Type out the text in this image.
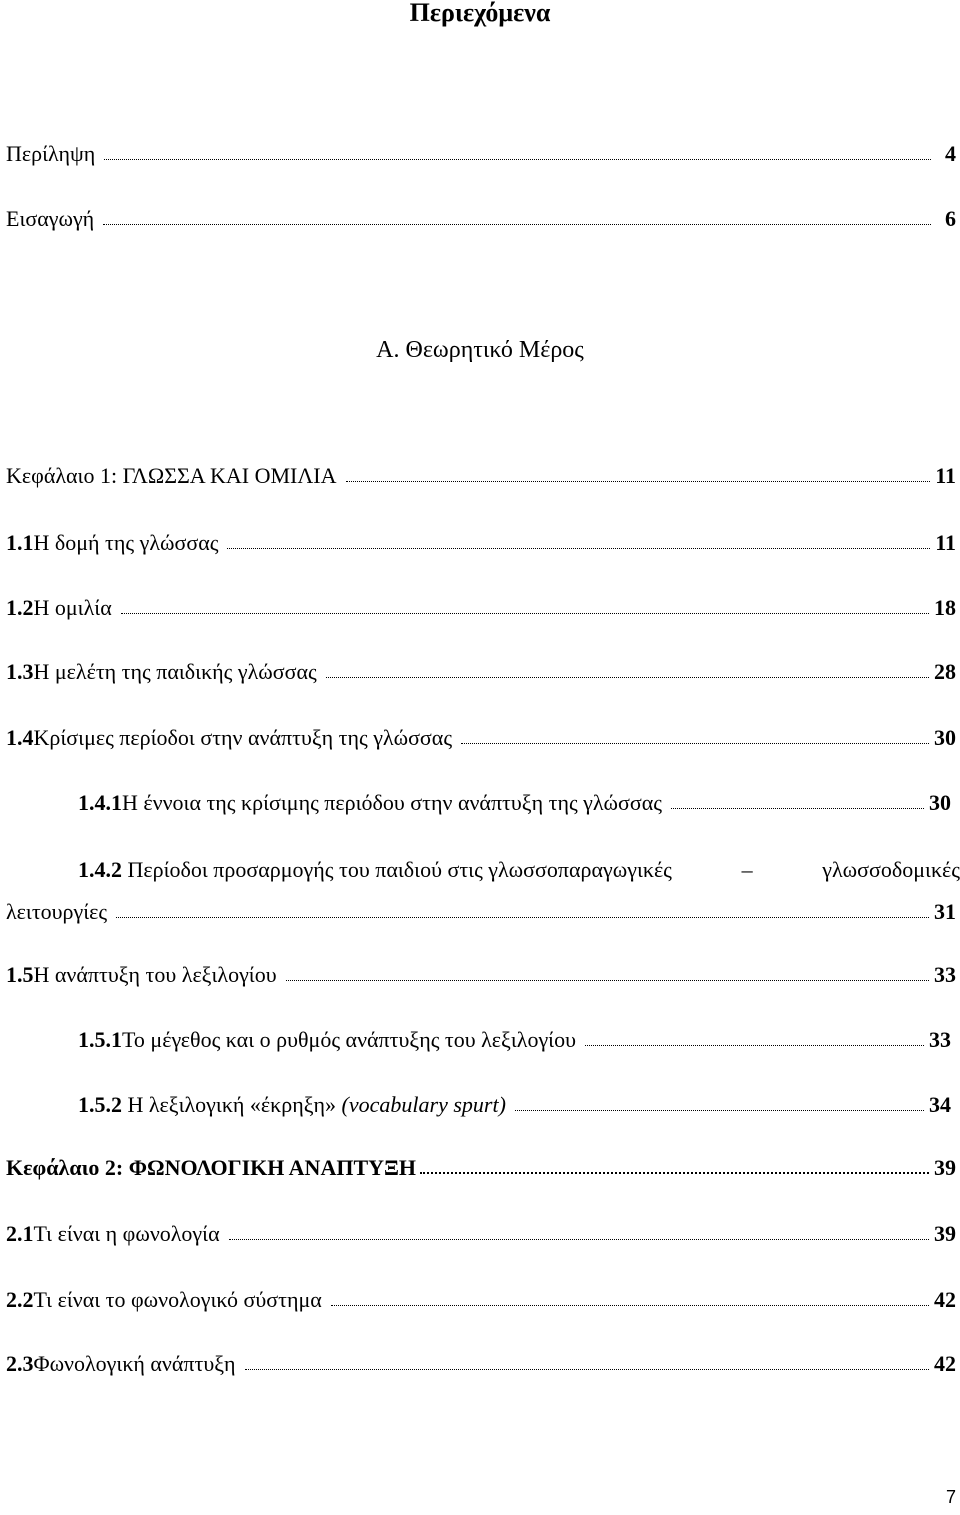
Περιεχόμενα
Περίληψη	4
Εισαγωγή	6
Α. Θεωρητικό Μέρος
Κεφάλαιο 1: ΓΛΩΣΣΑ ΚΑΙ ΟΜΙΛΙΑ	11
1.1 Η δομή της γλώσσας	11
1.2 Η ομιλία	18
1.3 Η μελέτη της παιδικής γλώσσας	28
1.4 Κρίσιμες περίοδοι στην ανάπτυξη της γλώσσας	30
1.4.1 Η έννοια της κρίσιμης περιόδου στην ανάπτυξη της γλώσσας	30
1.4.2 Περίοδοι προσαρμογής του παιδιού στις γλωσσοπαραγωγικές	–	γλωσσοδομικές
λειτουργίες	31
1.5 Η ανάπτυξη του λεξιλογίου	33
1.5.1 Το μέγεθος και ο ρυθμός ανάπτυξης του λεξιλογίου	33
1.5.2 Η λεξιλογική «έκρηξη» (vocabulary spurt)	34
Κεφάλαιο 2: ΦΩΝΟΛΟΓΙΚΗ ΑΝΑΠΤΥΞΗ	39
2.1 Τι είναι η φωνολογία	39
2.2 Τι είναι το φωνολογικό σύστημα	42
2.3 Φωνολογική ανάπτυξη	42
7
